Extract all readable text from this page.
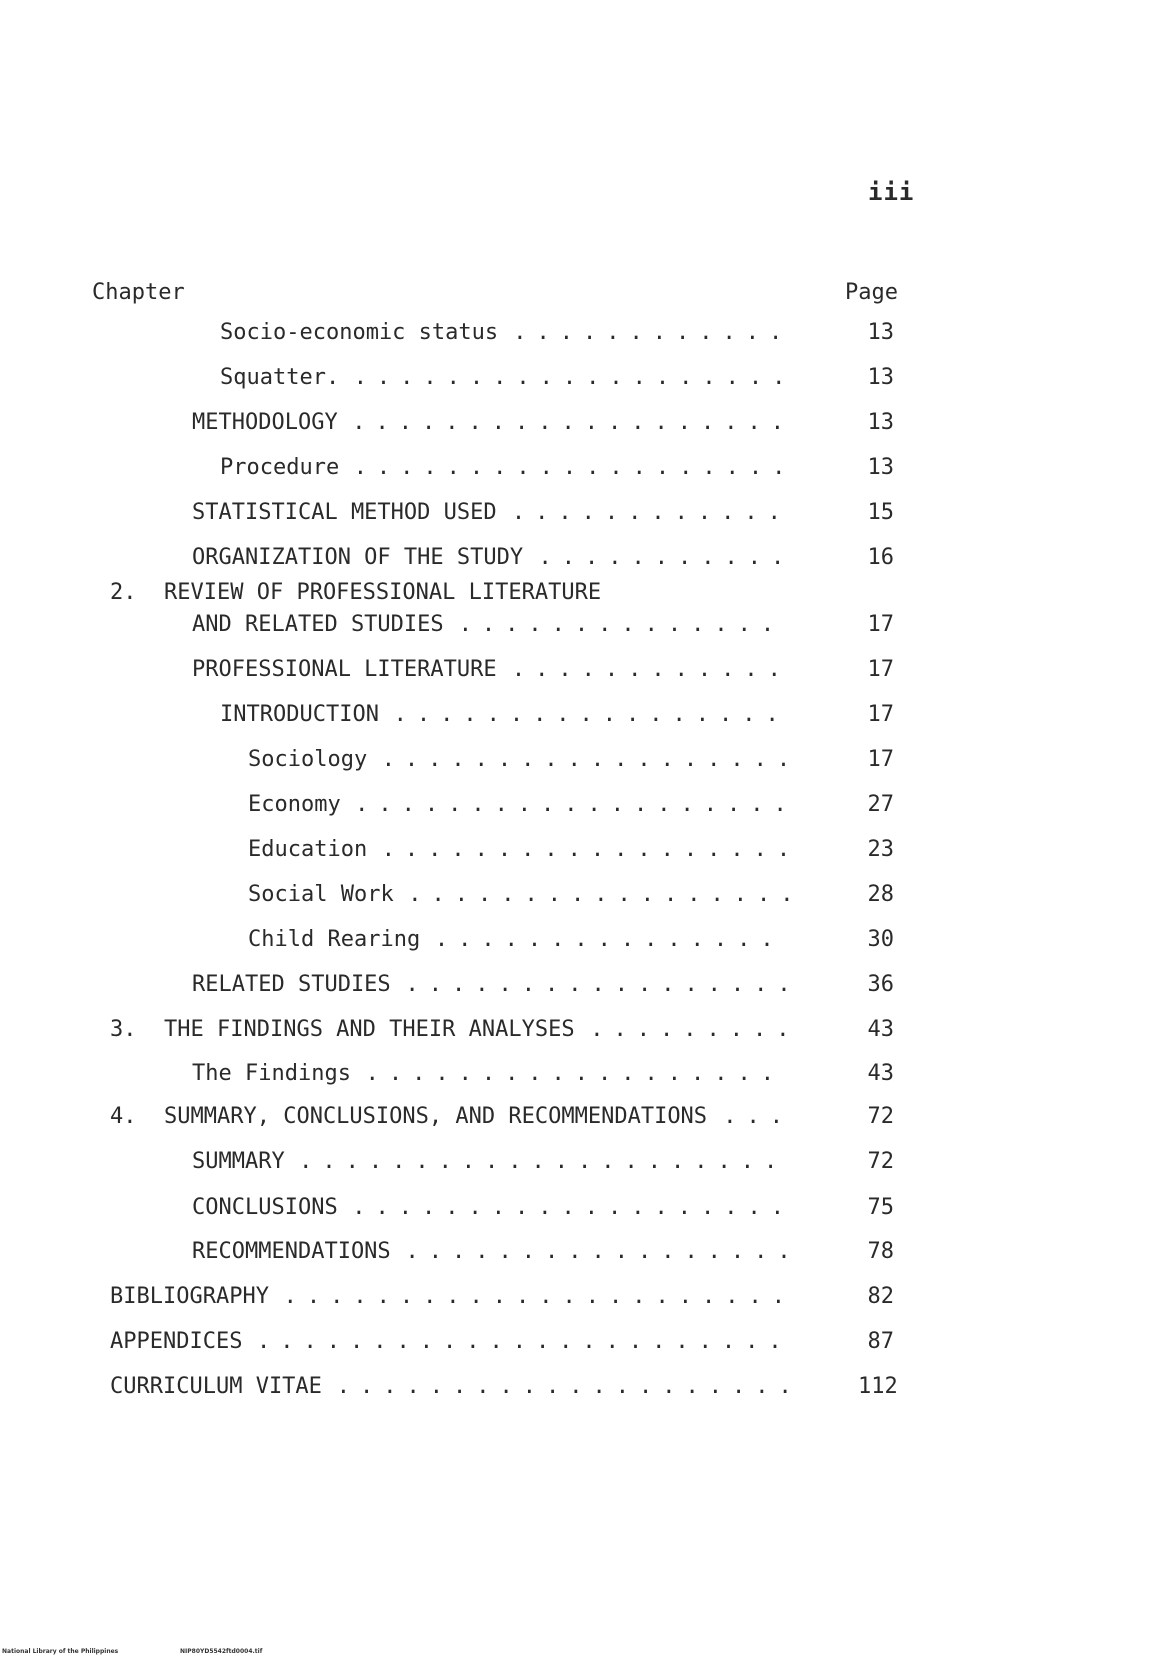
iii
Chapter	Page
Socio-economic status ............	13
Squatter. ...................	13
METHODOLOGY ...................	13
Procedure ...................	13
STATISTICAL METHOD USED ............	15
ORGANIZATION OF THE STUDY ...........	16
2. REVIEW OF PROFESSIONAL LITERATURE
AND RELATED STUDIES ..............	17
PROFESSIONAL LITERATURE ............	17
INTRODUCTION .................	17
Sociology ..................	17
Economy ...................	27
Education ..................	23
Social Work .................	28
Child Rearing ...............	30
RELATED STUDIES .................	36
3. THE FINDINGS AND THEIR ANALYSES .........	43
The Findings ..................	43
4. SUMMARY, CONCLUSIONS, AND RECOMMENDATIONS ...	72
SUMMARY .....................	72
CONCLUSIONS ...................	75
RECOMMENDATIONS .................	78
BIBLIOGRAPHY ......................	82
APPENDICES .......................	87
CURRICULUM VITAE ....................	112
National Library of the Philippines	NIP80YD5542ftd0004.tif
